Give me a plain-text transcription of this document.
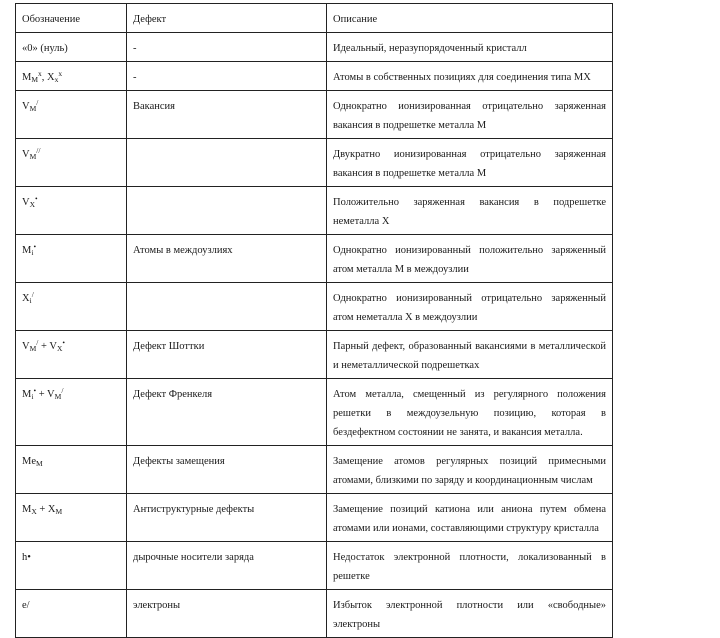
Обозначение	Дефект	Описание
«0» (нуль)	-	Идеальный, неразупорядоченный кристалл
$M_M^x$, $X_x^x$	-	Атомы в собственных позициях для соединения типа MX
$V_M^/$	Вакансия	Однократно ионизированная отрицательно заряженная вакансия в подрешетке металла M
$V_M^{//}$		Двукратно ионизированная отрицательно заряженная вакансия в подрешетке металла M
$V_X^•$		Положительно заряженная вакансия в подрешетке неметалла X
$M_i^•$	Атомы в междоузлиях	Однократно ионизированный положительно заряженный атом металла M в междоузлии
$X_i^/$		Однократно ионизированный отрицательно заряженный атом неметалла X в междоузлии
$V_M^/ + V_X^•$	Дефект Шоттки	Парный дефект, образованный вакансиями в металлической и неметаллической подрешетках
$M_i^• + V_M^/$	Дефект Френкеля	Атом металла, смещенный из регулярного положения решетки в междоузельную позицию, которая в бездефектном состоянии не занята, и вакансия металла.
$Me_M$	Дефекты замещения	Замещение атомов регулярных позиций примесными атомами, близкими по заряду и координационным числам
$M_X + X_M$	Антиструктурные дефекты	Замещение позиций катиона или аниона путем обмена атомами или ионами, составляющими структуру кристалла
h•	дырочные носители заряда	Недостаток электронной плотности, локализованный в решетке
e/	электроны	Избыток электронной плотности или «свободные» электроны
